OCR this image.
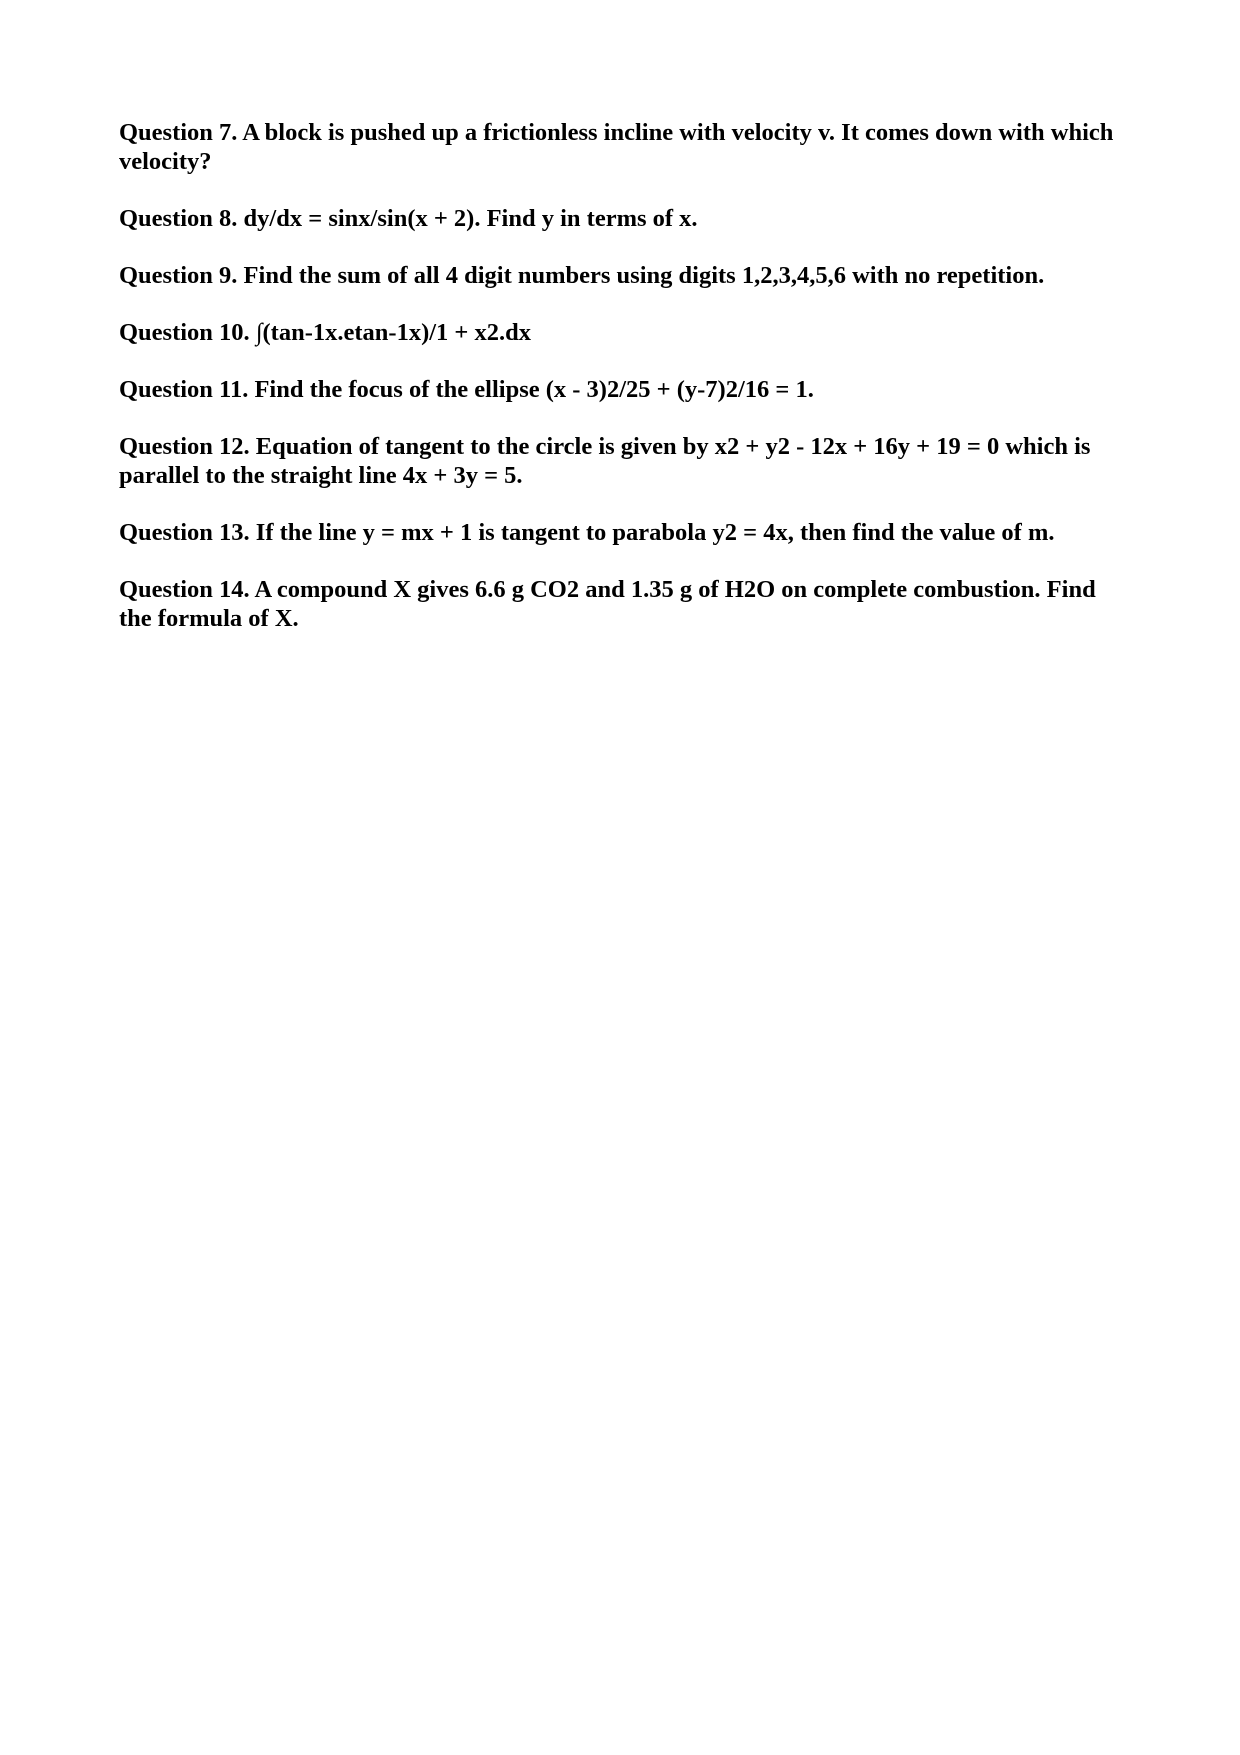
Question 7. A block is pushed up a frictionless incline with velocity v. It comes down with which velocity?

Question 8. dy/dx = sinx/sin(x + 2). Find y in terms of x.

Question 9. Find the sum of all 4 digit numbers using digits 1,2,3,4,5,6 with no repetition.

Question 10. ∫(tan-1x.etan-1x)/1 + x2.dx

Question 11. Find the focus of the ellipse (x - 3)2/25 + (y-7)2/16 = 1.

Question 12. Equation of tangent to the circle is given by x2 + y2 - 12x + 16y + 19 = 0 which is parallel to the straight line 4x + 3y = 5.

Question 13. If the line y = mx + 1 is tangent to parabola y2 = 4x, then find the value of m.

Question 14. A compound X gives 6.6 g CO2 and 1.35 g of H2O on complete combustion. Find the formula of X.
